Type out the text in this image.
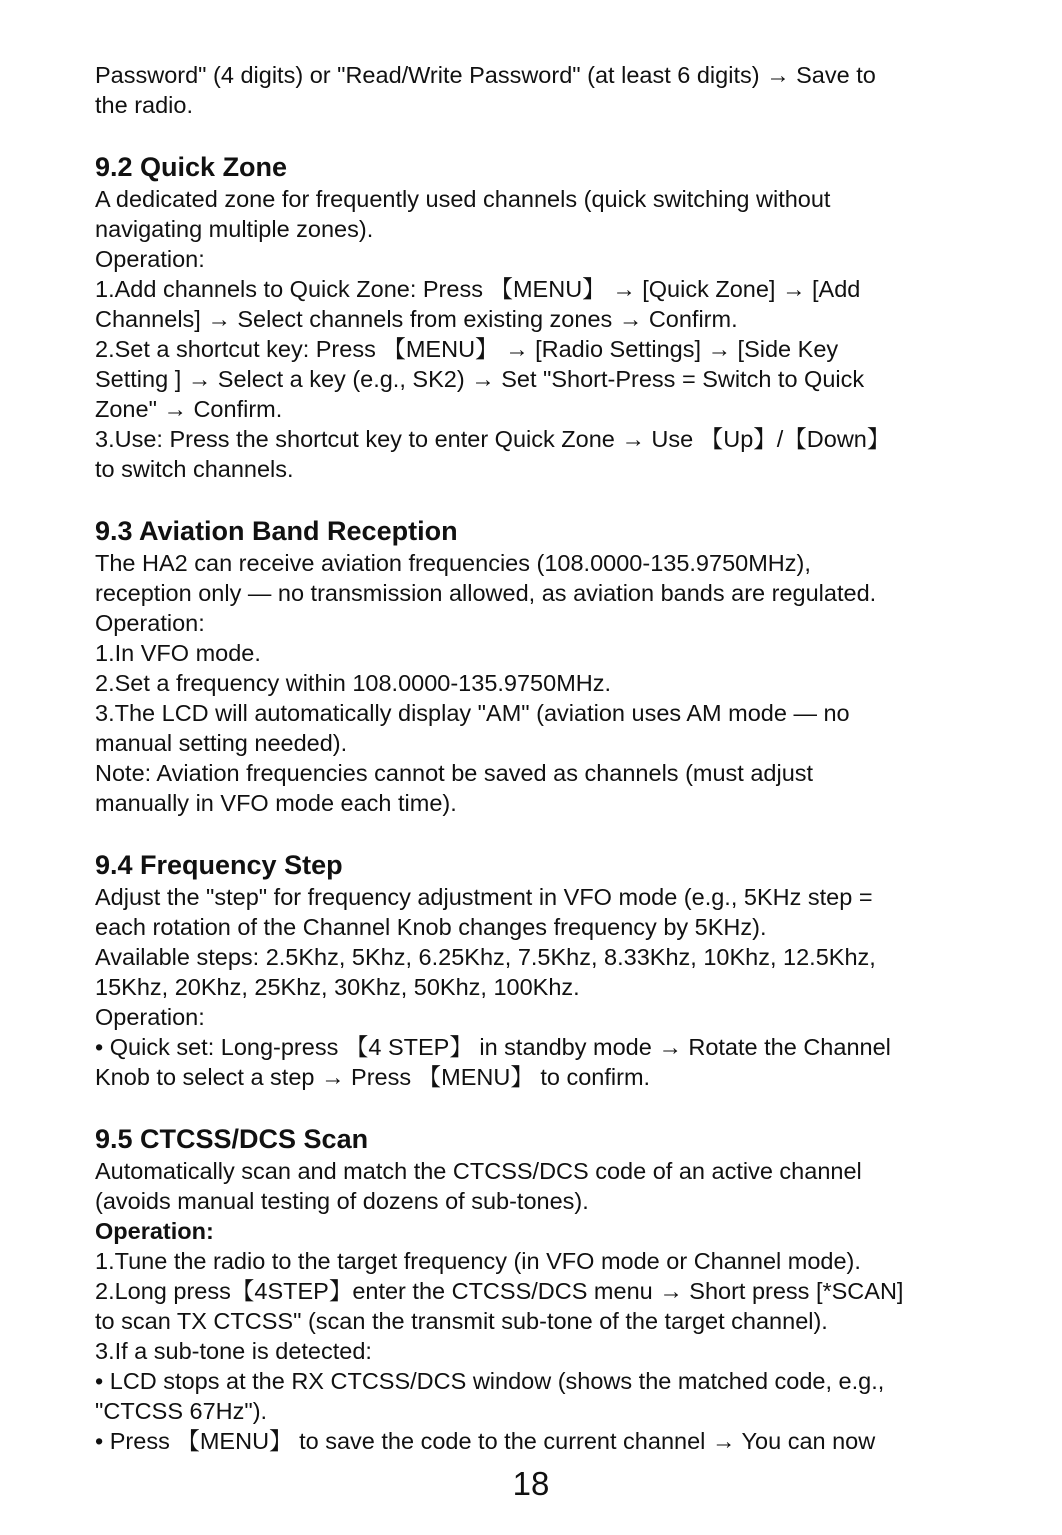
Password" (4 digits) or "Read/Write Password" (at least 6 digits) → Save to
the radio.
9.2 Quick Zone
A dedicated zone for frequently used channels (quick switching without
navigating multiple zones).
Operation:
1.Add channels to Quick Zone: Press 【MENU】 → [Quick Zone] → [Add
Channels] → Select channels from existing zones → Confirm.
2.Set a shortcut key: Press 【MENU】 → [Radio Settings] → [Side Key
Setting ] → Select a key (e.g., SK2) → Set "Short-Press = Switch to Quick
Zone" → Confirm.
3.Use: Press the shortcut key to enter Quick Zone → Use 【Up】/【Down】
to switch channels.
9.3 Aviation Band Reception
The HA2 can receive aviation frequencies (108.0000-135.9750MHz),
reception only — no transmission allowed, as aviation bands are regulated.
Operation:
1.In VFO mode.
2.Set a frequency within 108.0000-135.9750MHz.
3.The LCD will automatically display "AM" (aviation uses AM mode — no
manual setting needed).
Note: Aviation frequencies cannot be saved as channels (must adjust
manually in VFO mode each time).
9.4 Frequency Step
Adjust the "step" for frequency adjustment in VFO mode (e.g., 5KHz step =
each rotation of the Channel Knob changes frequency by 5KHz).
Available steps: 2.5Khz, 5Khz, 6.25Khz, 7.5Khz, 8.33Khz, 10Khz, 12.5Khz,
15Khz, 20Khz, 25Khz, 30Khz, 50Khz, 100Khz.
Operation:
• Quick set: Long-press 【4 STEP】 in standby mode → Rotate the Channel
Knob to select a step → Press 【MENU】 to confirm.
9.5 CTCSS/DCS Scan
Automatically scan and match the CTCSS/DCS code of an active channel
(avoids manual testing of dozens of sub-tones).
Operation:
1.Tune the radio to the target frequency (in VFO mode or Channel mode).
2.Long press【4STEP】enter the CTCSS/DCS menu → Short press [*SCAN]
to scan TX CTCSS" (scan the transmit sub-tone of the target channel).
3.If a sub-tone is detected:
• LCD stops at the RX CTCSS/DCS window (shows the matched code, e.g.,
"CTCSS 67Hz").
• Press 【MENU】 to save the code to the current channel → You can now
18
